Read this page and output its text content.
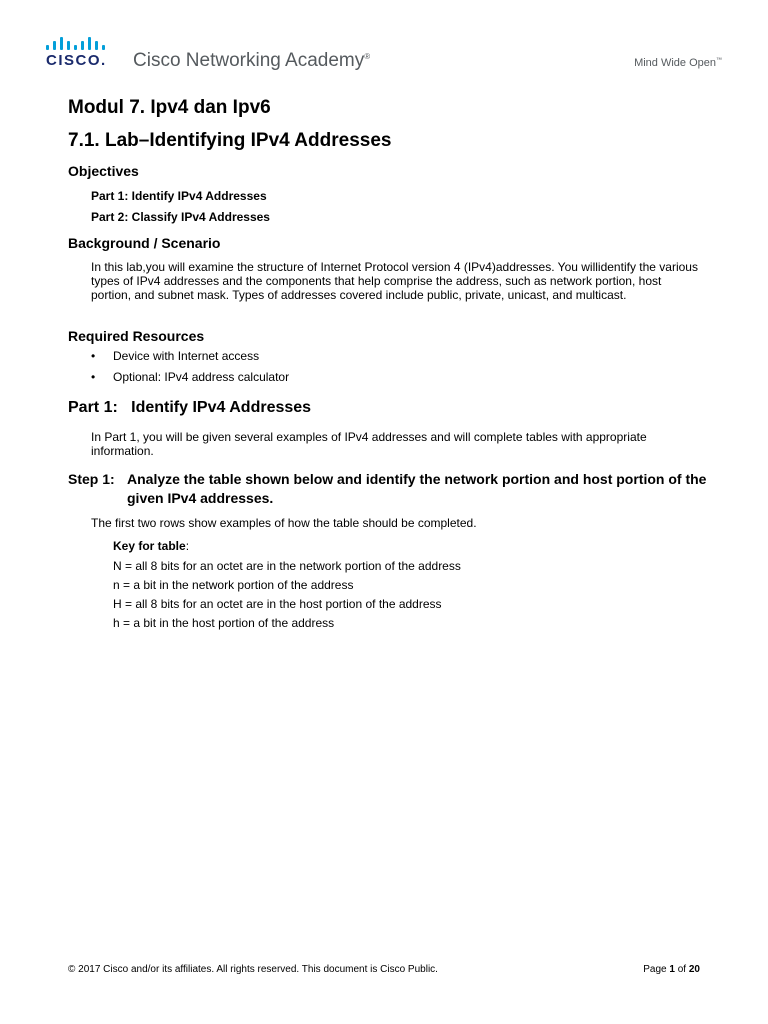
CISCO. Cisco Networking Academy®
Mind Wide Open™
Modul 7. Ipv4 dan Ipv6
7.1. Lab–Identifying IPv4 Addresses
Objectives
Part 1: Identify IPv4 Addresses
Part 2: Classify IPv4 Addresses
Background / Scenario
In this lab,you will examine the structure of Internet Protocol version 4 (IPv4)addresses. You willidentify the various types of IPv4 addresses and the components that help comprise the address, such as network portion, host portion, and subnet mask. Types of addresses covered include public, private, unicast, and multicast.
Required Resources
• Device with Internet access
• Optional: IPv4 address calculator
Part 1:   Identify IPv4 Addresses
In Part 1, you will be given several examples of IPv4 addresses and will complete tables with appropriate information.
Step 1: Analyze the table shown below and identify the network portion and host portion of the given IPv4 addresses.
The first two rows show examples of how the table should be completed.
Key for table:
N = all 8 bits for an octet are in the network portion of the address
n = a bit in the network portion of the address
H = all 8 bits for an octet are in the host portion of the address
h = a bit in the host portion of the address
© 2017 Cisco and/or its affiliates. All rights reserved. This document is Cisco Public.	Page 1 of 20
